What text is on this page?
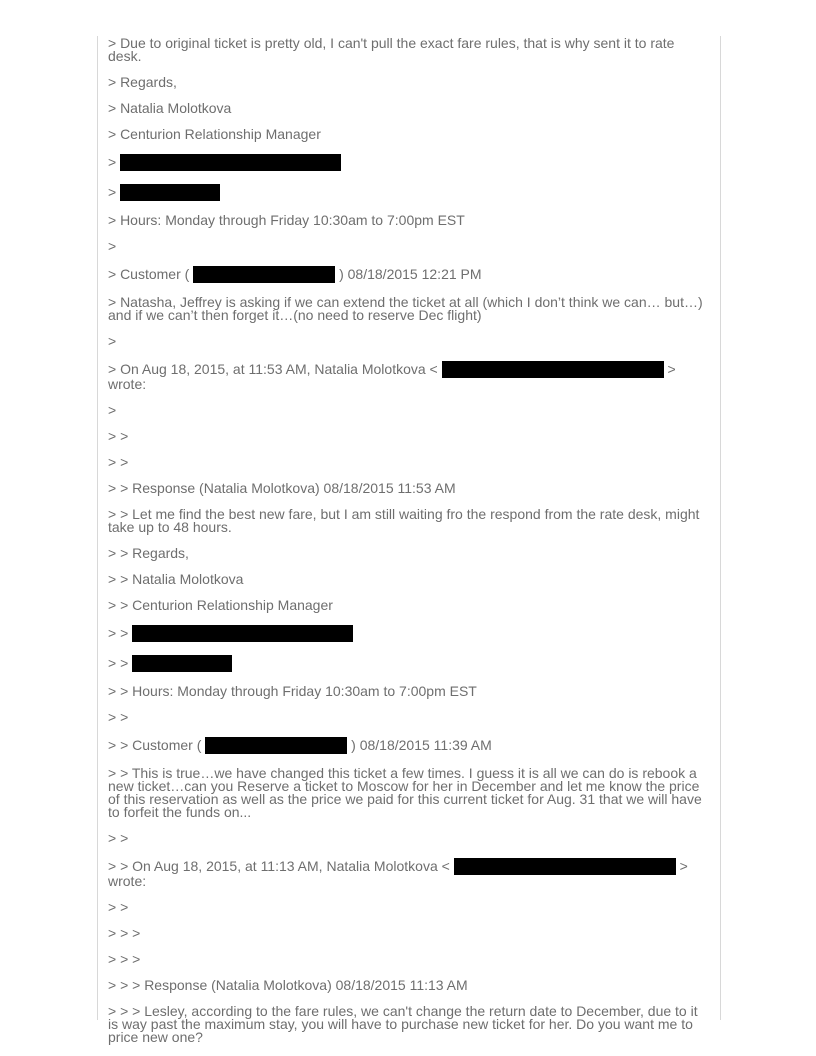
> Due to original ticket is pretty old, I can't pull the exact fare rules, that is why sent it to rate desk.

> Regards,

> Natalia Molotkova

> Centurion Relationship Manager

>

>

> Hours: Monday through Friday 10:30am to 7:00pm EST

>

> Customer (	) 08/18/2015 12:21 PM

> Natasha, Jeffrey is asking if we can extend the ticket at all (which I don’t think we can… but…) and if we can’t then forget it…(no need to reserve Dec flight)

>

> On Aug 18, 2015, at 11:53 AM, Natalia Molotkova <	> wrote:

>

> >

> >

> > Response (Natalia Molotkova) 08/18/2015 11:53 AM

> > Let me find the best new fare, but I am still waiting fro the respond from the rate desk, might take up to 48 hours.

> > Regards,

> > Natalia Molotkova

> > Centurion Relationship Manager

> >

> >

> > Hours: Monday through Friday 10:30am to 7:00pm EST

> >

> > Customer (	) 08/18/2015 11:39 AM

> > This is true…we have changed this ticket a few times. I guess it is all we can do is rebook a new ticket…can you Reserve a ticket to Moscow for her in December and let me know the price of this reservation as well as the price we paid for this current ticket for Aug. 31 that we will have to forfeit the funds on...

> >

> > On Aug 18, 2015, at 11:13 AM, Natalia Molotkova <	> wrote:

> >

> > >

> > >

> > > Response (Natalia Molotkova) 08/18/2015 11:13 AM

> > > Lesley, according to the fare rules, we can't change the return date to December, due to it is way past the maximum stay, you will have to purchase new ticket for her. Do you want me to price new one?
